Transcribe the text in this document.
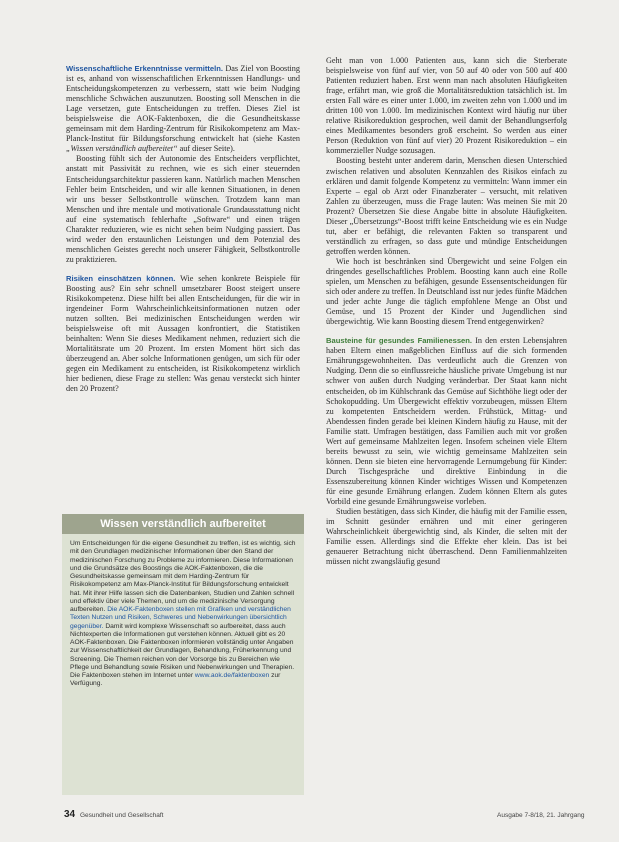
Wissenschaftliche Erkenntnisse vermitteln. Das Ziel von Boosting ist es, anhand von wissenschaftlichen Erkenntnissen Handlungs- und Entscheidungskompetenzen zu verbessern, statt wie beim Nudging menschliche Schwächen auszunutzen. Boosting soll Menschen in die Lage versetzen, gute Entscheidungen zu treffen. Dieses Ziel ist beispielsweise die AOK-Faktenboxen, die die Gesundheitskasse gemeinsam mit dem Harding-Zentrum für Risikokompetenz am Max-Planck-Institut für Bildungsforschung entwickelt hat (siehe Kasten „Wissen verständlich aufbereitet“ auf dieser Seite).

Boosting fühlt sich der Autonomie des Entscheiders verpflichtet, anstatt mit Passivität zu rechnen, wie es sich einer steuernden Entscheidungsarchitektur passieren kann. Natürlich machen Menschen Fehler beim Entscheiden, und wir alle kennen Situationen, in denen wir uns besser Selbstkontrolle wünschen. Trotzdem kann man Menschen und ihre mentale und motivationale Grundausstattung nicht auf eine systematisch fehlerhafte „Software“ und einen trägen Charakter reduzieren, wie es nicht sehen beim Nudging passiert. Das wird weder den erstaunlichen Leistungen und dem Potenzial des menschlichen Geistes gerecht noch unserer Fähigkeit, Selbstkontrolle zu praktizieren.

Risiken einschätzen können. Wie sehen konkrete Beispiele für Boosting aus? Ein sehr schnell umsetzbarer Boost steigert unsere Risikokompetenz. Diese hilft bei allen Entscheidungen, für die wir in irgendeiner Form Wahrscheinlichkeitsinformationen nutzen oder nutzen sollten. Bei medizinischen Entscheidungen werden wir beispielsweise oft mit Aussagen konfrontiert, die Statistiken beinhalten: Wenn Sie dieses Medikament nehmen, reduziert sich die Mortalitätsrate um 20 Prozent. Im ersten Moment hört sich das überzeugend an. Aber solche Informationen genügen, um sich für oder gegen ein Medikament zu entscheiden, ist Risikokompetenz wirklich hier bedienen, diese Frage zu stellen: Was genau versteckt sich hinter den 20 Prozent?

Wissen verständlich aufbereitet
Um Entscheidungen für die eigene Gesundheit zu treffen, ist es wichtig, sich mit den Grundlagen medizinischer Informationen über den Stand der medizinischen Forschung zu Probleme zu informieren. Diese Informationen und die Grundsätze des Boostings die AOK-Faktenboxen, die die Gesundheitskasse gemeinsam mit dem Harding-Zentrum für Risikokompetenz am Max-Planck-Institut für Bildungsforschung entwickelt hat. Mit ihrer Hilfe lassen sich die Datenbanken, Studien und Zahlen schnell und effektiv über viele Themen, und um die medizinische Versorgung aufbereiten. Die AOK-Faktenboxen stellen mit Grafiken und verständlichen Texten Nutzen und Risiken, Schweres und Nebenwirkungen übersichtlich gegenüber. Damit wird komplexe Wissenschaft so aufbereitet, dass auch Nichtexperten die Informationen gut verstehen können. Aktuell gibt es 20 AOK-Faktenboxen. Die Faktenboxen informieren vollständig unter Angaben zur Wissenschaftlichkeit der Grundlagen, Behandlung, Früherkennung und Screening. Die Themen reichen von der Vorsorge bis zu Bereichen wie Pflege und Behandlung sowie Risiken und Nebenwirkungen und Therapien. Die Faktenboxen stehen im Internet unter www.aok.de/faktenboxen zur Verfügung.

Geht man von 1.000 Patienten aus, kann sich die Sterberate beispielsweise von fünf auf vier, von 50 auf 40 oder von 500 auf 400 Patienten reduziert haben. Erst wenn man nach absoluten Häufigkeiten frage, erfährt man, wie groß die Mortalitätsreduktion tatsächlich ist. Im ersten Fall wäre es einer unter 1.000, im zweiten zehn von 1.000 und im dritten 100 von 1.000. Im medizinischen Kontext wird häufig nur über relative Risikoreduktion gesprochen, weil damit der Behandlungserfolg eines Medikamentes besonders groß erscheint. So werden aus einer Person (Reduktion von fünf auf vier) 20 Prozent Risikoreduktion – ein kommerzieller Nudge sozusagen.

Boosting besteht unter anderem darin, Menschen diesen Unterschied zwischen relativen und absoluten Kennzahlen des Risikos einfach zu erklären und damit folgende Kompetenz zu vermitteln: Wann immer ein Experte – egal ob Arzt oder Finanzberater – versucht, mit relativen Zahlen zu überzeugen, muss die Frage lauten: Was meinen Sie mit 20 Prozent? Übersetzen Sie diese Angabe bitte in absolute Häufigkeiten. Dieser „Übersetzungs“-Boost trifft keine Entscheidung wie es ein Nudge tut, aber er befähigt, die relevanten Fakten so transparent und verständlich zu erfragen, so dass gute und mündige Entscheidungen getroffen werden können.

Wie hoch ist beschränken sind Übergewicht und seine Folgen ein dringendes gesellschaftliches Problem. Boosting kann auch eine Rolle spielen, um Menschen zu befähigen, gesunde Essensentscheidungen für sich oder andere zu treffen. In Deutschland isst nur jedes fünfte Mädchen und jeder achte Junge die täglich empfohlene Menge an Obst und Gemüse, und 15 Prozent der Kinder und Jugendlichen sind übergewichtig. Wie kann Boosting diesem Trend entgegenwirken?

Bausteine für gesundes Familienessen. In den ersten Lebensjahren haben Eltern einen maßgeblichen Einfluss auf die sich formenden Ernährungsgewohnheiten. Das verdeutlicht auch die Grenzen von Nudging. Denn die so einflussreiche häusliche private Umgebung ist nur schwer von außen durch Nudging veränderbar. Der Staat kann nicht entscheiden, ob im Kühlschrank das Gemüse auf Sichthöhe liegt oder der Schokopudding. Um Übergewicht effektiv vorzubeugen, müssen Eltern zu kompetenten Entscheidern werden. Frühstück, Mittag- und Abendessen finden gerade bei kleinen Kindern häufig zu Hause, mit der Familie statt. Umfragen bestätigen, dass Familien auch mit vor großen Wert auf gemeinsame Mahlzeiten legen. Insofern scheinen viele Eltern bereits bewusst zu sein, wie wichtig gemeinsame Mahlzeiten sein können. Denn sie bieten eine hervorragende Lernumgebung für Kinder: Durch Tischgespräche und direktive Einbindung in die Essenszubereitung können Kinder wichtiges Wissen und Kompetenzen für eine gesunde Ernährung erlangen. Zudem können Eltern als gutes Vorbild eine gesunde Ernährungsweise vorleben.

Studien bestätigen, dass sich Kinder, die häufig mit der Familie essen, im Schnitt gesünder ernähren und mit einer geringeren Wahrscheinlichkeit übergewichtig sind, als Kinder, die selten mit der Familie essen. Allerdings sind die Effekte eher klein. Das ist bei genauerer Betrachtung nicht überraschend. Denn Familienmahlzeiten müssen nicht zwangsläufig gesund

34 Gesundheit und Gesellschaft	Ausgabe 7-8/18, 21. Jahrgang
